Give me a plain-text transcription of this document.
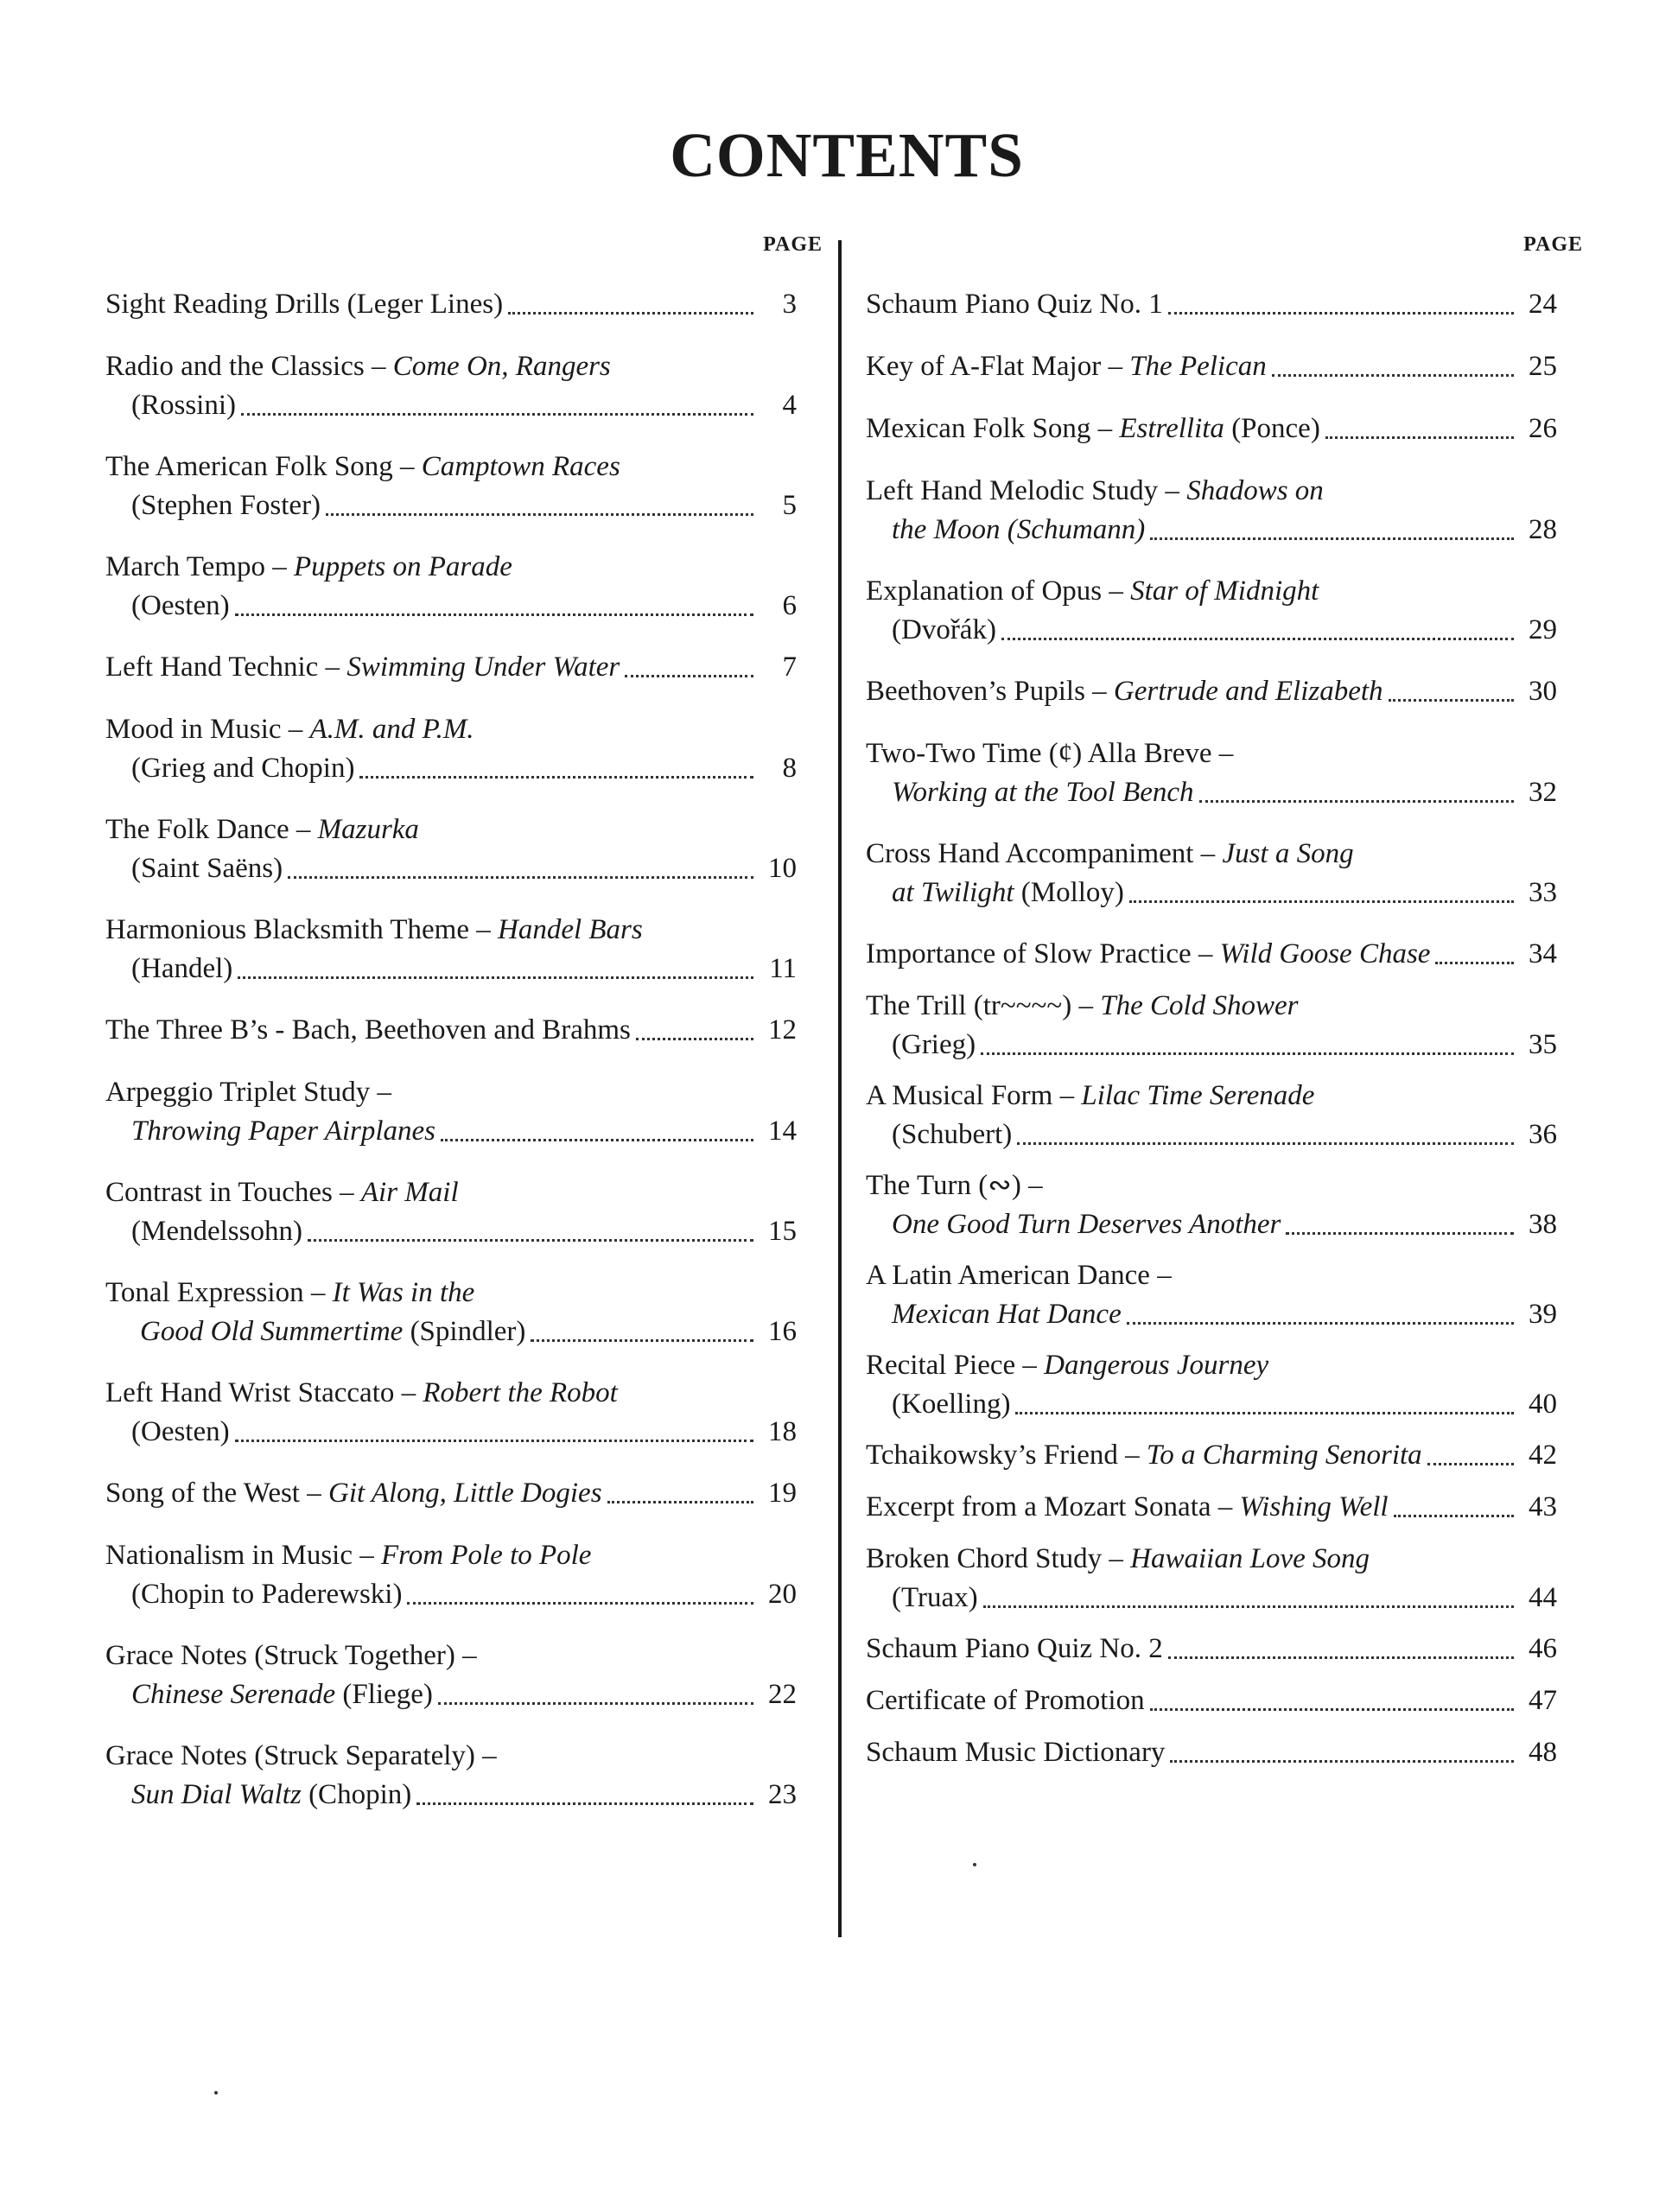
CONTENTS
PAGE
Sight Reading Drills (Leger Lines)	3
Radio and the Classics – Come On, Rangers
(Rossini)	4
The American Folk Song – Camptown Races
(Stephen Foster)	5
March Tempo – Puppets on Parade
(Oesten)	6
Left Hand Technic – Swimming Under Water	7
Mood in Music – A.M. and P.M.
(Grieg and Chopin)	8
The Folk Dance – Mazurka
(Saint Saëns)	10
Harmonious Blacksmith Theme – Handel Bars
(Handel)	11
The Three B’s - Bach, Beethoven and Brahms	12
Arpeggio Triplet Study –
Throwing Paper Airplanes	14
Contrast in Touches – Air Mail
(Mendelssohn)	15
Tonal Expression – It Was in the
Good Old Summertime (Spindler)	16
Left Hand Wrist Staccato – Robert the Robot
(Oesten)	18
Song of the West – Git Along, Little Dogies	19
Nationalism in Music – From Pole to Pole
(Chopin to Paderewski)	20
Grace Notes (Struck Together) –
Chinese Serenade (Fliege)	22
Grace Notes (Struck Separately) –
Sun Dial Waltz (Chopin)	23
PAGE
Schaum Piano Quiz No. 1	24
Key of A-Flat Major – The Pelican	25
Mexican Folk Song – Estrellita (Ponce)	26
Left Hand Melodic Study – Shadows on
the Moon (Schumann)	28
Explanation of Opus – Star of Midnight
(Dvořák)	29
Beethoven’s Pupils – Gertrude and Elizabeth	30
Two-Two Time (¢) Alla Breve –
Working at the Tool Bench	32
Cross Hand Accompaniment – Just a Song
at Twilight (Molloy)	33
Importance of Slow Practice – Wild Goose Chase	34
The Trill (tr~~~~) – The Cold Shower
(Grieg)	35
A Musical Form – Lilac Time Serenade
(Schubert)	36
The Turn (∾) –
One Good Turn Deserves Another	38
A Latin American Dance –
Mexican Hat Dance	39
Recital Piece – Dangerous Journey
(Koelling)	40
Tchaikowsky’s Friend – To a Charming Senorita	42
Excerpt from a Mozart Sonata – Wishing Well	43
Broken Chord Study – Hawaiian Love Song
(Truax)	44
Schaum Piano Quiz No. 2	46
Certificate of Promotion	47
Schaum Music Dictionary	48
